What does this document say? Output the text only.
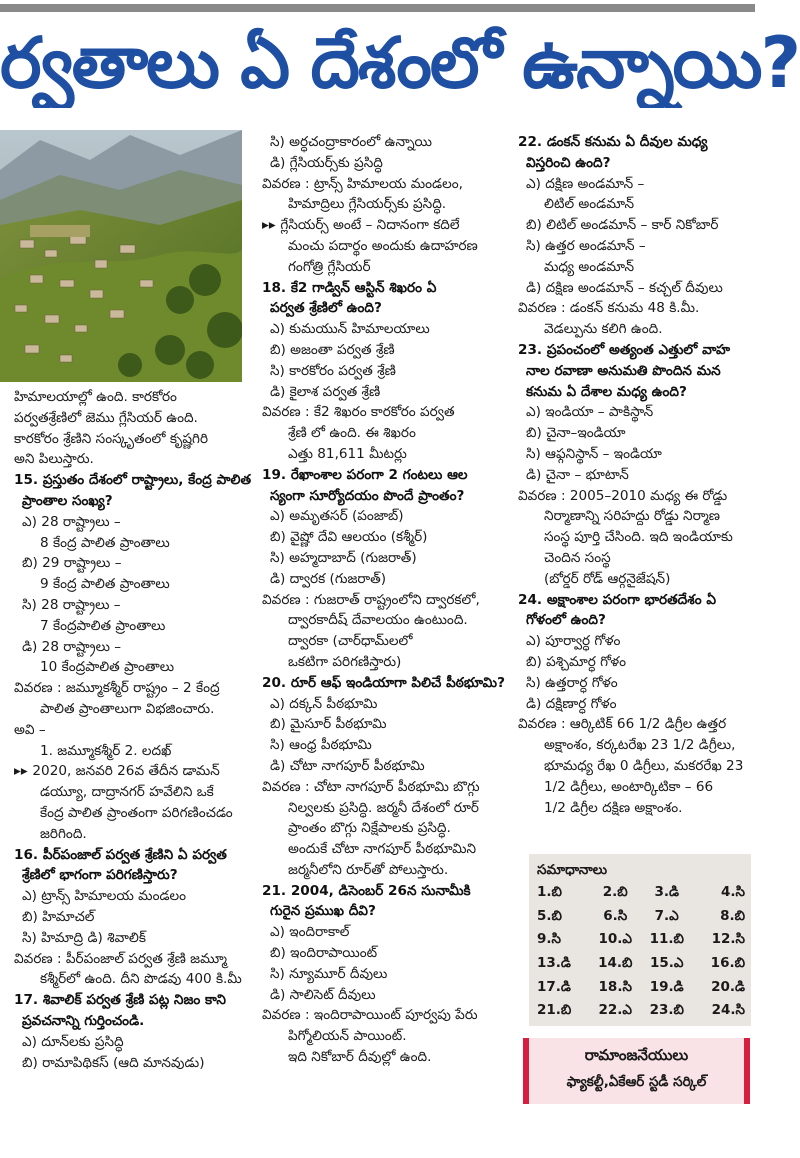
ర్వతాలు ఏ దేశంలో ఉన్నాయి?

హిమాలయాల్లో ఉంది. కారకోరం

పర్వతశ్రేణిలో జెము గ్లేసియర్ ఉంది.

కారకోరం శ్రేణిని సంస్కృతంలో కృష్ణగిరి

అని పిలుస్తారు.

15. ప్రస్తుతం దేశంలో రాష్ట్రాలు, కేంద్ర పాలిత

ప్రాంతాల సంఖ్య?

ఎ) 28 రాష్ట్రాలు –

8 కేంద్ర పాలిత ప్రాంతాలు

బి) 29 రాష్ట్రాలు –

9 కేంద్ర పాలిత ప్రాంతాలు

సి) 28 రాష్ట్రాలు –

7 కేంద్రపాలిత ప్రాంతాలు

డి) 28 రాష్ట్రాలు –

10 కేంద్రపాలిత ప్రాంతాలు

వివరణ : జమ్మూకశ్మీర్ రాష్ట్రం – 2 కేంద్ర

పాలిత ప్రాంతాలుగా విభజించారు.

అవి –

1. జమ్మూకశ్మీర్ 2. లదఖ్

▸▸ 2020, జనవరి 26వ తేదీన డామన్

డయ్యూ, దాద్రానగర్ హవేలిని ఒకే

కేంద్ర పాలిత ప్రాంతంగా పరిగణించడం

జరిగింది.

16. పీర్‌పంజాల్ పర్వత శ్రేణిని ఏ పర్వత

శ్రేణిలో భాగంగా పరిగణిస్తారు?

ఎ) ట్రాన్స్ హిమాలయ మండలం

బి) హిమాచల్

సి) హిమాద్రి డి) శివాలిక్

వివరణ : పీర్‌పంజాల్ పర్వత శ్రేణి జమ్మూ

కశ్మీర్‌లో ఉంది. దీని పొడవు 400 కి.మీ

17. శివాలిక్ పర్వత శ్రేణి పట్ల నిజం కాని

ప్రవచనాన్ని గుర్తించండి.

ఎ) దూన్‌లకు ప్రసిద్ధి

బి) రామాపిథికస్ (ఆది మానవుడు)

సి) అర్ధచంద్రాకారంలో ఉన్నాయి

డి) గ్లేసియర్స్‌కు ప్రసిద్ధి

వివరణ : ట్రాన్స్ హిమాలయ మండలం,

హిమాద్రిలు గ్లేసియర్స్‌కు ప్రసిద్ధి.

▸▸ గ్లేసియర్స్ అంటే – నిదానంగా కదిలే

మంచు పదార్థం అందుకు ఉదాహరణ

గంగోత్రి గ్లేసియర్

18. కే2 గాడ్విన్ ఆస్టిన్ శిఖరం ఏ

పర్వత శ్రేణిలో ఉంది?

ఎ) కుమయున్ హిమాలయాలు

బి) అజంతా పర్వత శ్రేణి

సి) కారకోరం పర్వత శ్రేణి

డి) కైలాశ పర్వత శ్రేణి

వివరణ : కే2 శిఖరం కారకోరం పర్వత

శ్రేణి లో ఉంది. ఈ శిఖరం

ఎత్తు 81,611 మీటర్లు

19. రేఖాంశాల పరంగా 2 గంటలు ఆల

స్యంగా సూర్యోదయం పొందే ప్రాంతం?

ఎ) అమృతసర్ (పంజాబ్)

బి) వైష్ణో దేవి ఆలయం (కశ్మీర్)

సి) అహ్మదాబాద్ (గుజరాత్)

డి) ద్వారక (గుజరాత్)

వివరణ : గుజరాత్ రాష్ట్రంలోని ద్వారకలో,

ద్వారకాదీష్ దేవాలయం ఉంటుంది.

ద్వారకా (చార్‌ధామ్‌లలో

ఒకటిగా పరిగణిస్తారు)

20. రూర్ ఆఫ్ ఇండియాగా పిలిచే పీఠభూమి?

ఎ) దక్కన్ పీఠభూమి

బి) మైసూర్ పీఠభూమి

సి) ఆంధ్ర పీఠభూమి

డి) చోటా నాగపూర్ పీఠభూమి

వివరణ : చోటా నాగపూర్ పీఠభూమి బొగ్గు

నిల్వలకు ప్రసిద్ధి. జర్మనీ దేశంలో రూర్

ప్రాంతం బొగ్గు నిక్షేపాలకు ప్రసిద్ధి.

అందుకే చోటా నాగపూర్ పీఠభూమిని

జర్మనీలోని రూర్‌తో పోలుస్తారు.

21. 2004, డిసెంబర్ 26న సునామీకి

గురైన ప్రముఖ దీవి?

ఎ) ఇందిరాకాల్

బి) ఇందిరాపాయింట్

సి) న్యూమూర్ దీవులు

డి) సాలిసెట్ దీవులు

వివరణ : ఇందిరాపాయింట్ పూర్వపు పేరు

పిగ్మోలియన్ పాయింట్.

ఇది నికోబార్ దీవుల్లో ఉంది.

22. డంకన్ కనుమ ఏ దీవుల మధ్య

విస్తరించి ఉంది?

ఎ) దక్షిణ అండమాన్ –

లిటిల్ అండమాన్

బి) లిటిల్ అండమాన్ – కార్ నికోబార్

సి) ఉత్తర అండమాన్ –

మధ్య అండమాన్

డి) దక్షిణ అండమాన్ – కచ్చల్ దీవులు

వివరణ : డంకన్ కనుమ 48 కి.మీ.

వెడల్పును కలిగి ఉంది.

23. ప్రపంచంలో అత్యంత ఎత్తులో వాహ

నాల రవాణా అనుమతి పొందిన మన

కనుమ ఏ దేశాల మధ్య ఉంది?

ఎ) ఇండియా – పాకిస్థాన్

బి) చైనా–ఇండియా

సి) ఆఫ్గనిస్థాన్ – ఇండియా

డి) చైనా – భూటాన్

వివరణ : 2005–2010 మధ్య ఈ రోడ్డు

నిర్మాణాన్ని సరిహద్దు రోడ్డు నిర్మాణ

సంస్థ పూర్తి చేసింది. ఇది ఇండియాకు

చెందిన సంస్థ

(బోర్డర్ రోడ్ ఆర్గనైజేషన్)

24. అక్షాంశాల పరంగా భారతదేశం ఏ

గోళంలో ఉంది?

ఎ) పూర్వార్ధ గోళం

బి) పశ్చిమార్ధ గోళం

సి) ఉత్తరార్ధ గోళం

డి) దక్షిణార్ధ గోళం

వివరణ : ఆర్కిటిక్ 66 1/2 డిగ్రీల ఉత్తర

అక్షాంశం, కర్కటరేఖ 23 1/2 డిగ్రీలు,

భూమధ్య రేఖ 0 డిగ్రీలు, మకరరేఖ 23

1/2 డిగ్రీలు, అంటార్కిటికా – 66

1/2 డిగ్రీల దక్షిణ అక్షాంశం.

సమాధానాలు
1.బి	2.బి	3.డి	4.సి
5.బి	6.సి	7.ఎ	8.బి
9.సి	10.ఎ	11.బి	12.సి
13.డి	14.బి	15.ఎ	16.బి
17.డి	18.సి	19.డి	20.డి
21.బి	22.ఎ	23.బి	24.సి
రామాంజనేయులు
ఫ్యాకల్టీ,ఏకేఆర్ స్టడీ సర్కిల్
